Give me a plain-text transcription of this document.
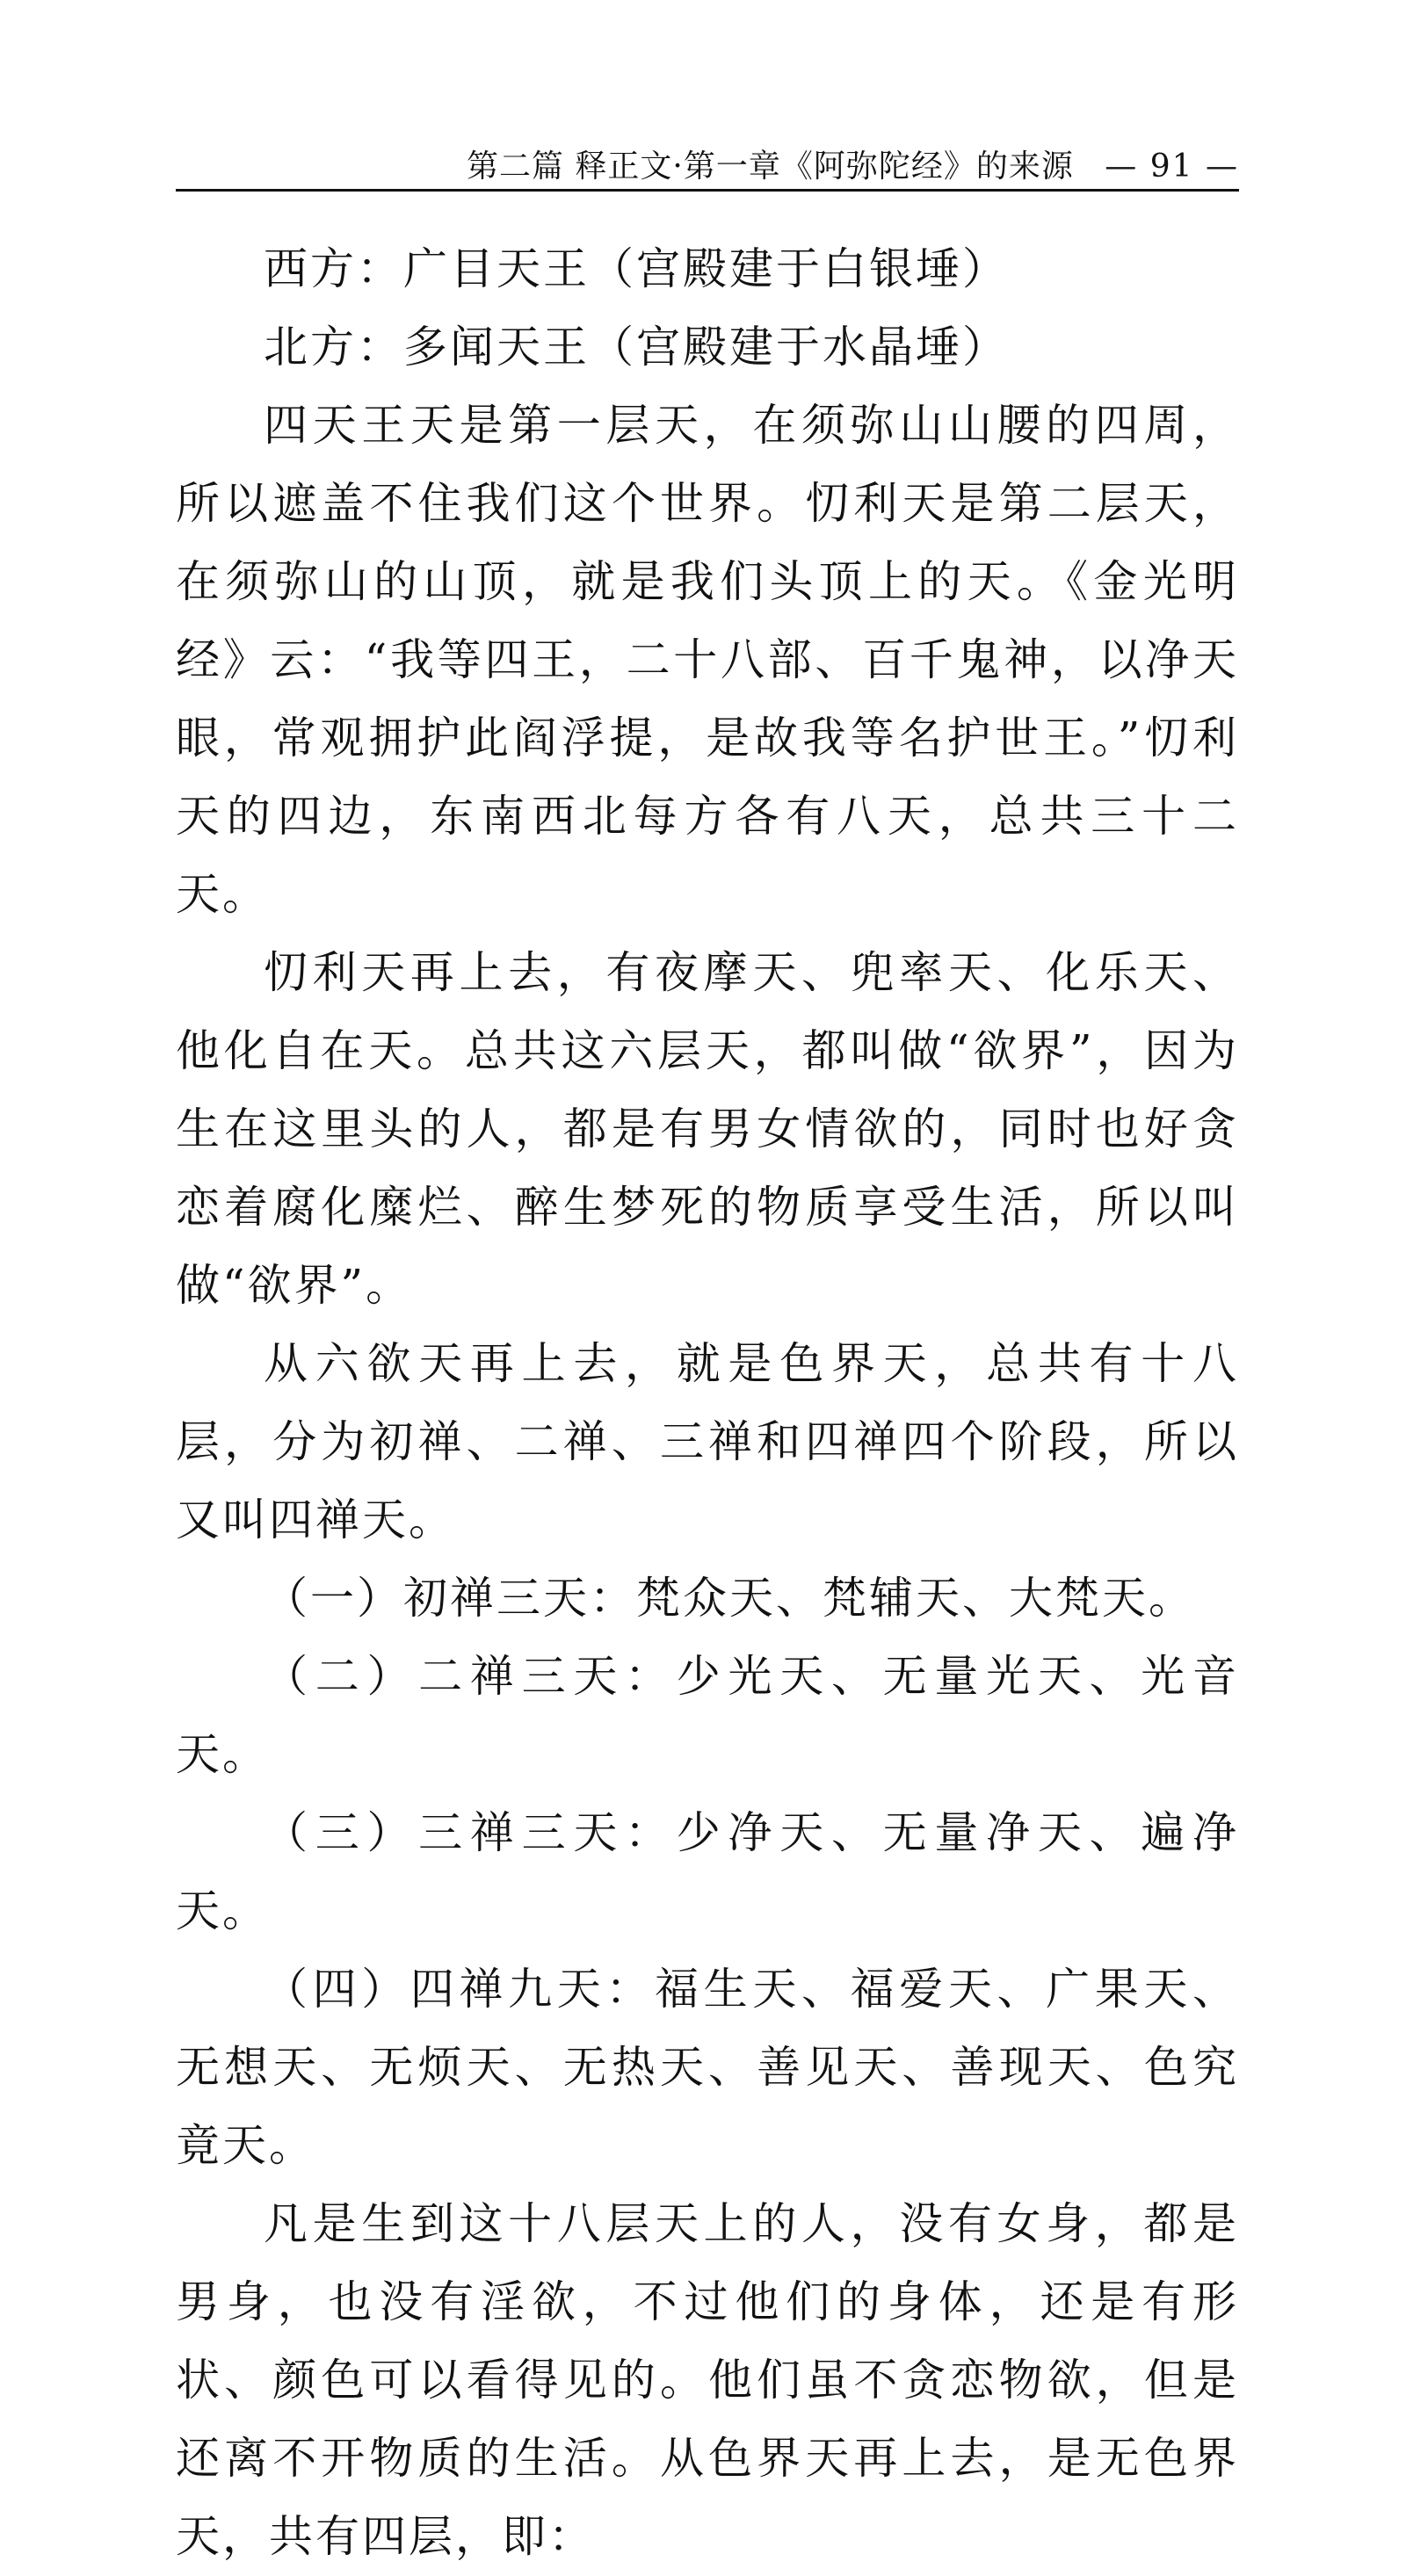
第二篇 释正文·第一章《阿弥陀经》的来源 — 91 —

西方：广目天王（宫殿建于白银埵）

北方：多闻天王（宫殿建于水晶埵）

四天王天是第一层天，在须弥山山腰的四周，所以遮盖不住我们这个世界。忉利天是第二层天，在须弥山的山顶，就是我们头顶上的天。《金光明经》云：“我等四王，二十八部、百千鬼神，以净天眼，常观拥护此阎浮提，是故我等名护世王。”忉利天的四边，东南西北每方各有八天，总共三十二天。

忉利天再上去，有夜摩天、兜率天、化乐天、他化自在天。总共这六层天，都叫做“欲界”，因为生在这里头的人，都是有男女情欲的，同时也好贪恋着腐化糜烂、醉生梦死的物质享受生活，所以叫做“欲界”。

从六欲天再上去，就是色界天，总共有十八层，分为初禅、二禅、三禅和四禅四个阶段，所以又叫四禅天。

（一）初禅三天：梵众天、梵辅天、大梵天。

（二）二禅三天：少光天、无量光天、光音天。

（三）三禅三天：少净天、无量净天、遍净天。

（四）四禅九天：福生天、福爱天、广果天、无想天、无烦天、无热天、善见天、善现天、色究竟天。

凡是生到这十八层天上的人，没有女身，都是男身，也没有淫欲，不过他们的身体，还是有形状、颜色可以看得见的。他们虽不贪恋物欲，但是还离不开物质的生活。从色界天再上去，是无色界天，共有四层，即：
